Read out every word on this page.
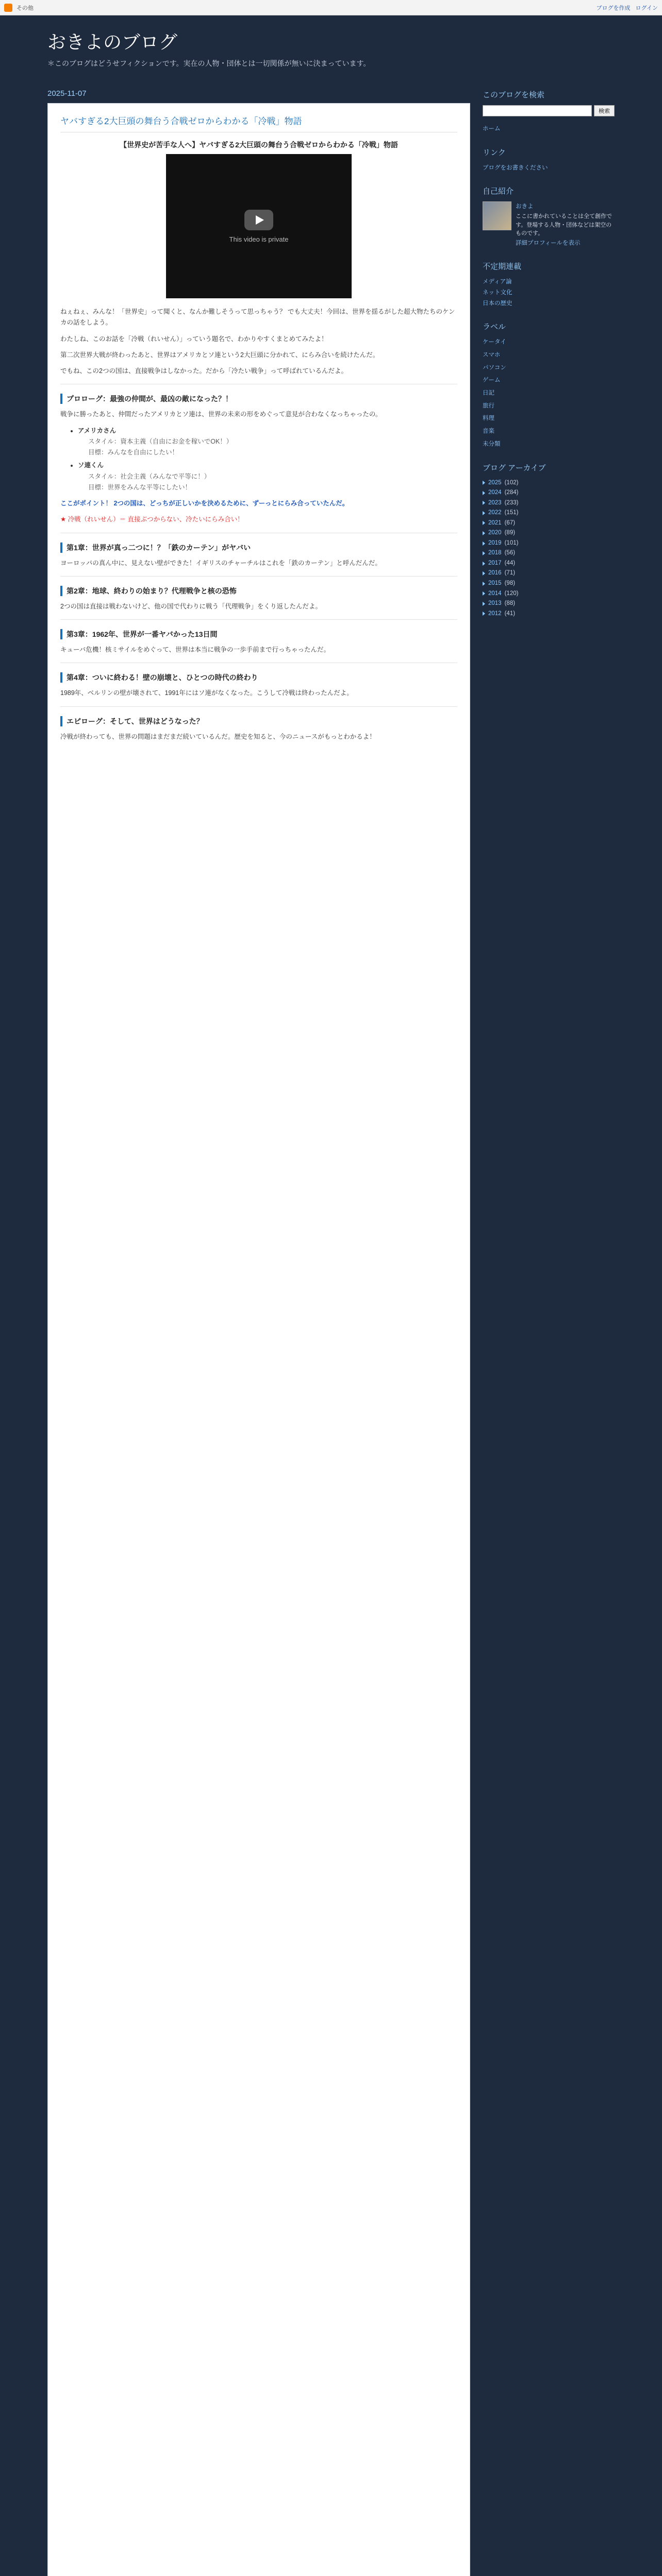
その他	ブログを作成 ログイン
おきよのブログ
＊このブログはどうせフィクションです。実在の人物・団体とは一切関係が無いに決まっています。
2025-11-07
ヤバすぎる2大巨頭の舞台う合戦ゼロからわかる「冷戦」物語
【世界史が苦手な人へ】ヤバすぎる2大巨頭の舞台う合戦ゼロからわかる「冷戦」物語
This video is private

ねぇねぇ、みんな！「世界史」って聞くと、なんか難しそうって思っちゃう？ でも大丈夫！今回は、世界を揺るがした超大物たちのケンカの話をしよう。

わたしね、このお話を「冷戦（れいせん）」っていう題名で、わかりやすくまとめてみたよ！

第二次世界大戦が終わったあと、世界はアメリカとソ連という2大巨頭に分かれて、にらみ合いを続けたんだ。

でもね、この2つの国は、直接戦争はしなかった。だから「冷たい戦争」って呼ばれているんだよ。

プロローグ：最強の仲間が、最凶の敵になった？！

戦争に勝ったあと、仲間だったアメリカとソ連は、世界の未来の形をめぐって意見が合わなくなっちゃったの。

• アメリカさん
スタイル：資本主義（自由にお金を稼いでOK！）
目標：みんなを自由にしたい！
• ソ連くん
スタイル：社会主義（みんなで平等に！）
目標：世界をみんな平等にしたい！

ここがポイント！ 2つの国は、どっちが正しいかを決めるために、ずーっとにらみ合っていたんだ。

★ 冷戦（れいせん）＝ 直接ぶつからない、冷たいにらみ合い！

第1章：世界が真っ二つに！？「鉄のカーテン」がヤバい

ヨーロッパの真ん中に、見えない壁ができた！イギリスのチャーチルはこれを「鉄のカーテン」と呼んだんだ。

第2章：地球、終わりの始まり？代理戦争と核の恐怖

2つの国は直接は戦わないけど、他の国で代わりに戦う「代理戦争」をくり返したんだよ。

第3章：1962年、世界が一番ヤバかった13日間

キューバ危機！核ミサイルをめぐって、世界は本当に戦争の一歩手前まで行っちゃったんだ。

第4章：ついに終わる！壁の崩壊と、ひとつの時代の終わり

1989年、ベルリンの壁が壊されて、1991年にはソ連がなくなった。こうして冷戦は終わったんだよ。

エピローグ：そして、世界はどうなった？

冷戦が終わっても、世界の問題はまだまだ続いているんだ。歴史を知ると、今のニュースがもっとわかるよ！

このブログを検索
検索
ホーム
リンク
ブログをお書きください
自己紹介
おきよ
ここに書かれていることは全て創作です。登場する人物・団体などは架空のものです。
詳細プロフィールを表示
不定期連載
メディア論
ネット文化
日本の歴史
ラベル
ケータイ
スマホ
パソコン
ゲーム
日記
旅行
料理
音楽
未分類
ブログ アーカイブ
2025 (102)
2024 (284)
2023 (233)
2022 (151)
2021 (67)
2020 (89)
2019 (101)
2018 (56)
2017 (44)
2016 (71)
2015 (98)
2014 (120)
2013 (88)
2012 (41)
